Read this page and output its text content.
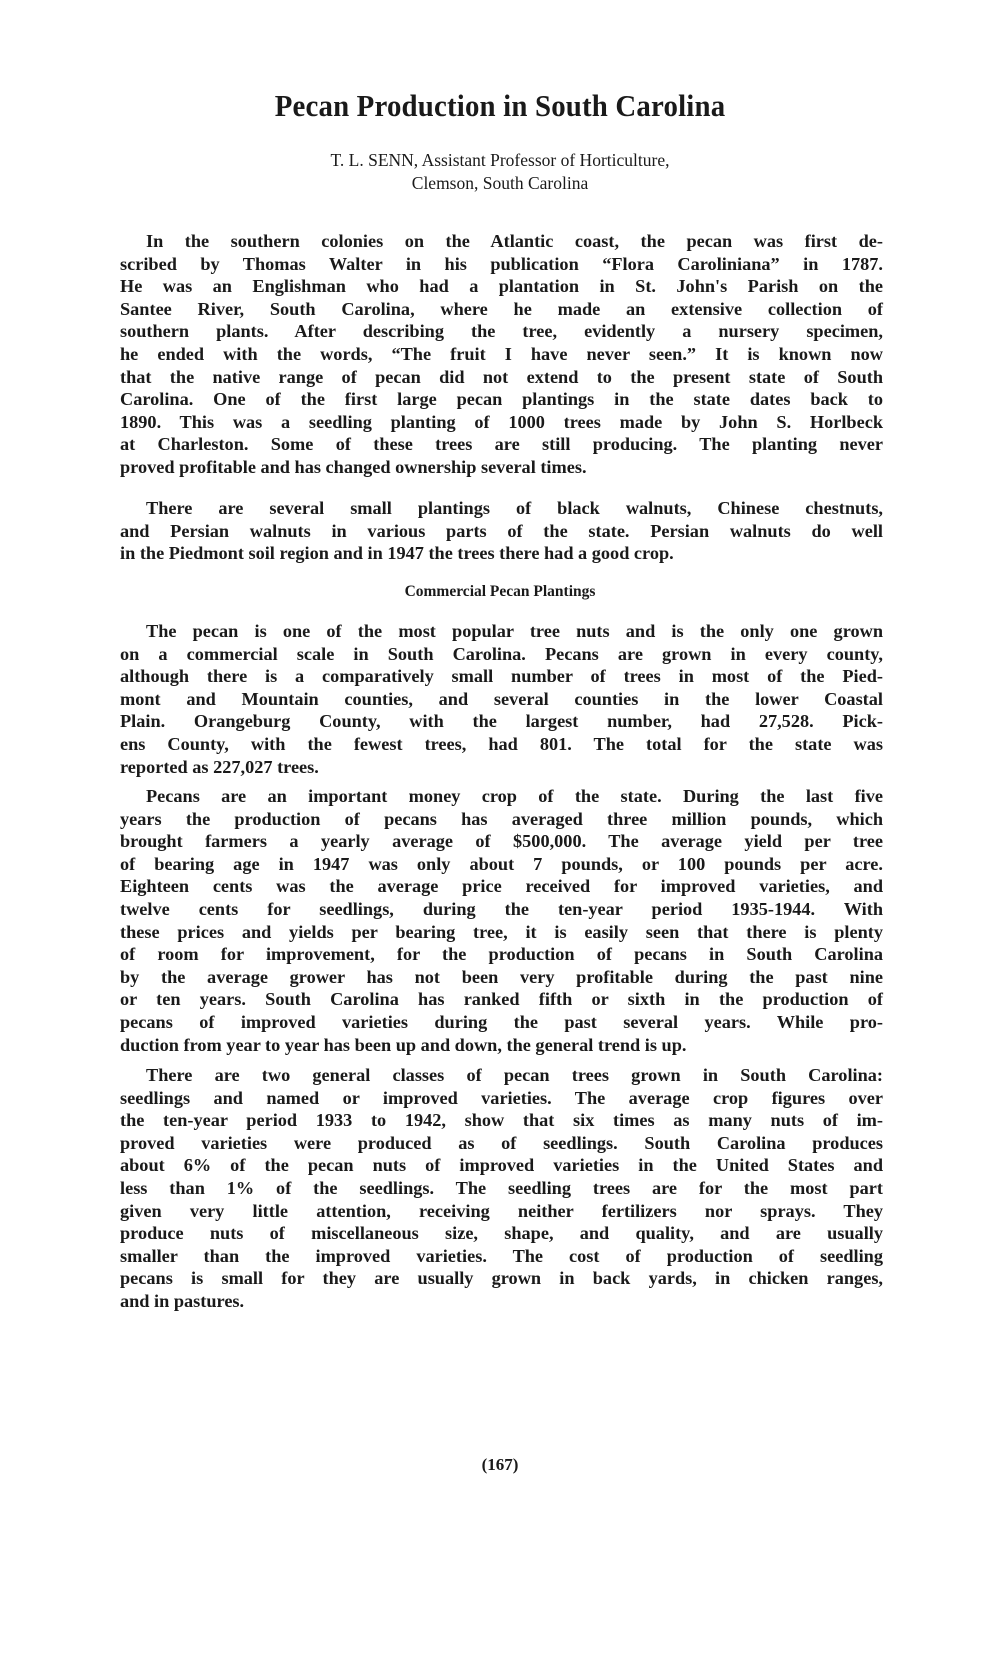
Pecan Production in South Carolina
T. L. SENN, Assistant Professor of Horticulture,
Clemson, South Carolina
In the southern colonies on the Atlantic coast, the pecan was first de-
scribed by Thomas Walter in his publication “Flora Caroliniana” in 1787.
He was an Englishman who had a plantation in St. John's Parish on the
Santee River, South Carolina, where he made an extensive collection of
southern plants. After describing the tree, evidently a nursery specimen,
he ended with the words, “The fruit I have never seen.” It is known now
that the native range of pecan did not extend to the present state of South
Carolina. One of the first large pecan plantings in the state dates back to
1890. This was a seedling planting of 1000 trees made by John S. Horlbeck
at Charleston. Some of these trees are still producing. The planting never
proved profitable and has changed ownership several times.
There are several small plantings of black walnuts, Chinese chestnuts,
and Persian walnuts in various parts of the state. Persian walnuts do well
in the Piedmont soil region and in 1947 the trees there had a good crop.
Commercial Pecan Plantings
The pecan is one of the most popular tree nuts and is the only one grown
on a commercial scale in South Carolina. Pecans are grown in every county,
although there is a comparatively small number of trees in most of the Pied-
mont and Mountain counties, and several counties in the lower Coastal
Plain. Orangeburg County, with the largest number, had 27,528. Pick-
ens County, with the fewest trees, had 801. The total for the state was
reported as 227,027 trees.
Pecans are an important money crop of the state. During the last five
years the production of pecans has averaged three million pounds, which
brought farmers a yearly average of $500,000. The average yield per tree
of bearing age in 1947 was only about 7 pounds, or 100 pounds per acre.
Eighteen cents was the average price received for improved varieties, and
twelve cents for seedlings, during the ten-year period 1935-1944. With
these prices and yields per bearing tree, it is easily seen that there is plenty
of room for improvement, for the production of pecans in South Carolina
by the average grower has not been very profitable during the past nine
or ten years. South Carolina has ranked fifth or sixth in the production of
pecans of improved varieties during the past several years. While pro-
duction from year to year has been up and down, the general trend is up.
There are two general classes of pecan trees grown in South Carolina:
seedlings and named or improved varieties. The average crop figures over
the ten-year period 1933 to 1942, show that six times as many nuts of im-
proved varieties were produced as of seedlings. South Carolina produces
about 6% of the pecan nuts of improved varieties in the United States and
less than 1% of the seedlings. The seedling trees are for the most part
given very little attention, receiving neither fertilizers nor sprays. They
produce nuts of miscellaneous size, shape, and quality, and are usually
smaller than the improved varieties. The cost of production of seedling
pecans is small for they are usually grown in back yards, in chicken ranges,
and in pastures.
(167)
